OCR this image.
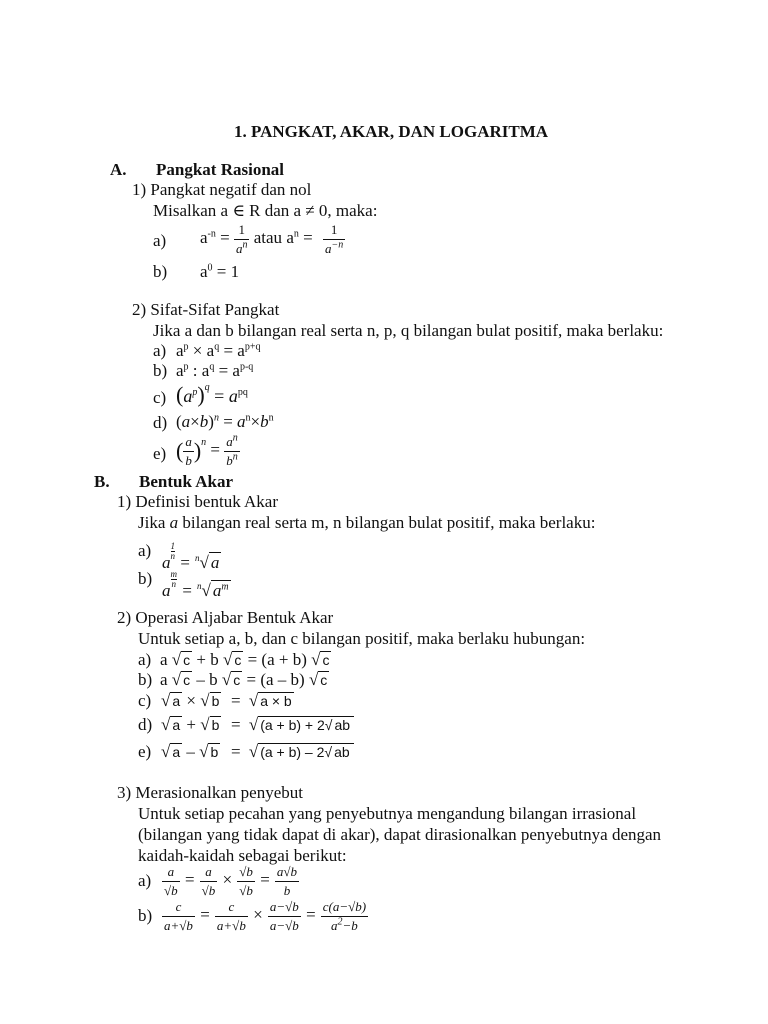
1. PANGKAT, AKAR, DAN LOGARITMA
A. Pangkat Rasional
1) Pangkat negatif dan nol
Misalkan a ∈ R dan a ≠ 0, maka:
a) $a^{-n} = \frac{1}{a^n}$ atau $a^n = \frac{1}{a^{-n}}$
b) $a^0 = 1$
2) Sifat-Sifat Pangkat
Jika a dan b bilangan real serta n, p, q bilangan bulat positif, maka berlaku:
a) $a^p \times a^q = a^{p+q}$
b) $a^p$ : $a^q = a^{p-q}$
c) $(a^p)^q = a^{pq}$
d) $(a\times b)^n = a^n\times b^n$
e) ( $\frac{a}{b} )^n = \frac{a^n}{b^n}$
B. Bentuk Akar
1) Definisi bentuk Akar
Jika a bilangan real serta m, n bilangan bulat positif, maka berlaku:
a)
a
$\frac{1}{n}$
= $^n$√ a
b)
a
$\frac{m}{n}$
= $^n$√ $a^m$
2) Operasi Aljabar Bentuk Akar
Untuk setiap a, b, dan c bilangan positif, maka berlaku hubungan:
a) a √ c + b √ c = (a + b) √ c
b) a √ c – b √ c = (a – b) √ c
c) √ a × √ b = √ a × b
d) √ a + √ b = √ (a + b) + 2√ ab
e) √ a – √ b = √ (a + b) – 2√ ab
3) Merasionalkan penyebut
Untuk setiap pecahan yang penyebutnya mengandung bilangan irrasional
(bilangan yang tidak dapat di akar), dapat dirasionalkan penyebutnya dengan
kaidah-kaidah sebagai berikut:
$a) \frac{a}{√b} = \frac{a}{√b} \times \frac{√b}{√b} = \frac{a√b}{b}$
$b) \frac{c}{a+√b} = \frac{c}{a+√b} \times \frac{a-√b}{a-√b} = \frac{c(a-√b)}{a^2-b}$
